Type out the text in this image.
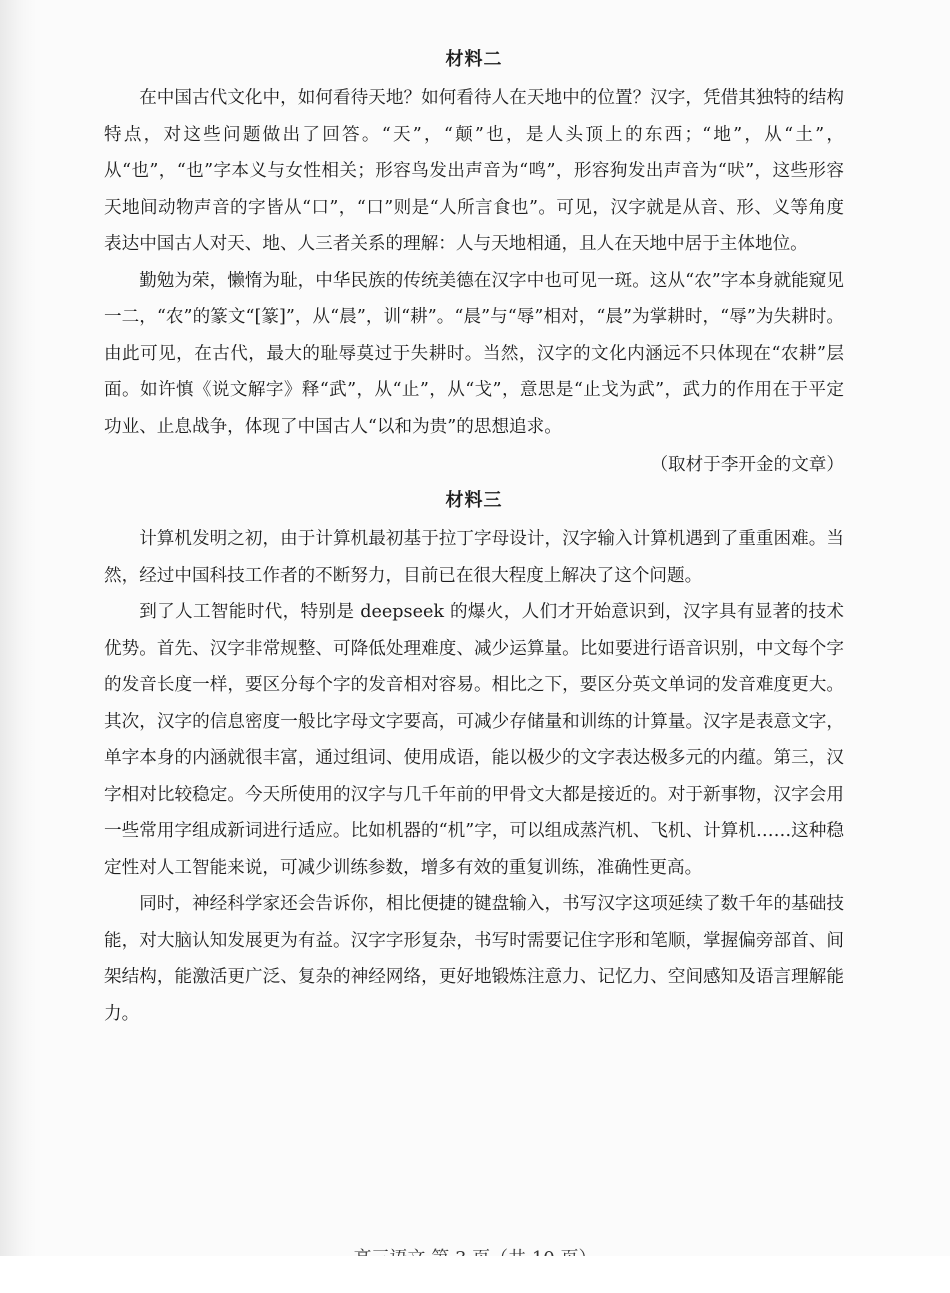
材料二

在中国古代文化中，如何看待天地？如何看待人在天地中的位置？汉字，凭借其独特的结构特点，对这些问题做出了回答。“天”，“颠”也，是人头顶上的东西；“地”，从“土”，从“也”，“也”字本义与女性相关；形容鸟发出声音为“鸣”，形容狗发出声音为“吠”，这些形容天地间动物声音的字皆从“口”，“口”则是“人所言食也”。可见，汉字就是从音、形、义等角度表达中国古人对天、地、人三者关系的理解：人与天地相通，且人在天地中居于主体地位。

勤勉为荣，懒惰为耻，中华民族的传统美德在汉字中也可见一斑。这从“农”字本身就能窥见一二，“农”的篆文“[篆]”，从“晨”，训“耕”。“晨”与“辱”相对，“晨”为掌耕时，“辱”为失耕时。由此可见，在古代，最大的耻辱莫过于失耕时。当然，汉字的文化内涵远不只体现在“农耕”层面。如许慎《说文解字》释“武”，从“止”，从“戈”，意思是“止戈为武”，武力的作用在于平定功业、止息战争，体现了中国古人“以和为贵”的思想追求。

（取材于李开金的文章）
材料三

计算机发明之初，由于计算机最初基于拉丁字母设计，汉字输入计算机遇到了重重困难。当然，经过中国科技工作者的不断努力，目前已在很大程度上解决了这个问题。

到了人工智能时代，特别是 deepseek 的爆火，人们才开始意识到，汉字具有显著的技术优势。首先、汉字非常规整、可降低处理难度、减少运算量。比如要进行语音识别，中文每个字的发音长度一样，要区分每个字的发音相对容易。相比之下，要区分英文单词的发音难度更大。其次，汉字的信息密度一般比字母文字要高，可减少存储量和训练的计算量。汉字是表意文字，单字本身的内涵就很丰富，通过组词、使用成语，能以极少的文字表达极多元的内蕴。第三，汉字相对比较稳定。今天所使用的汉字与几千年前的甲骨文大都是接近的。对于新事物，汉字会用一些常用字组成新词进行适应。比如机器的“机”字，可以组成蒸汽机、飞机、计算机……这种稳定性对人工智能来说，可减少训练参数，增多有效的重复训练，准确性更高。

同时，神经科学家还会告诉你，相比便捷的键盘输入，书写汉字这项延续了数千年的基础技能，对大脑认知发展更为有益。汉字字形复杂，书写时需要记住字形和笔顺，掌握偏旁部首、间架结构，能激活更广泛、复杂的神经网络，更好地锻炼注意力、记忆力、空间感知及语言理解能力。
